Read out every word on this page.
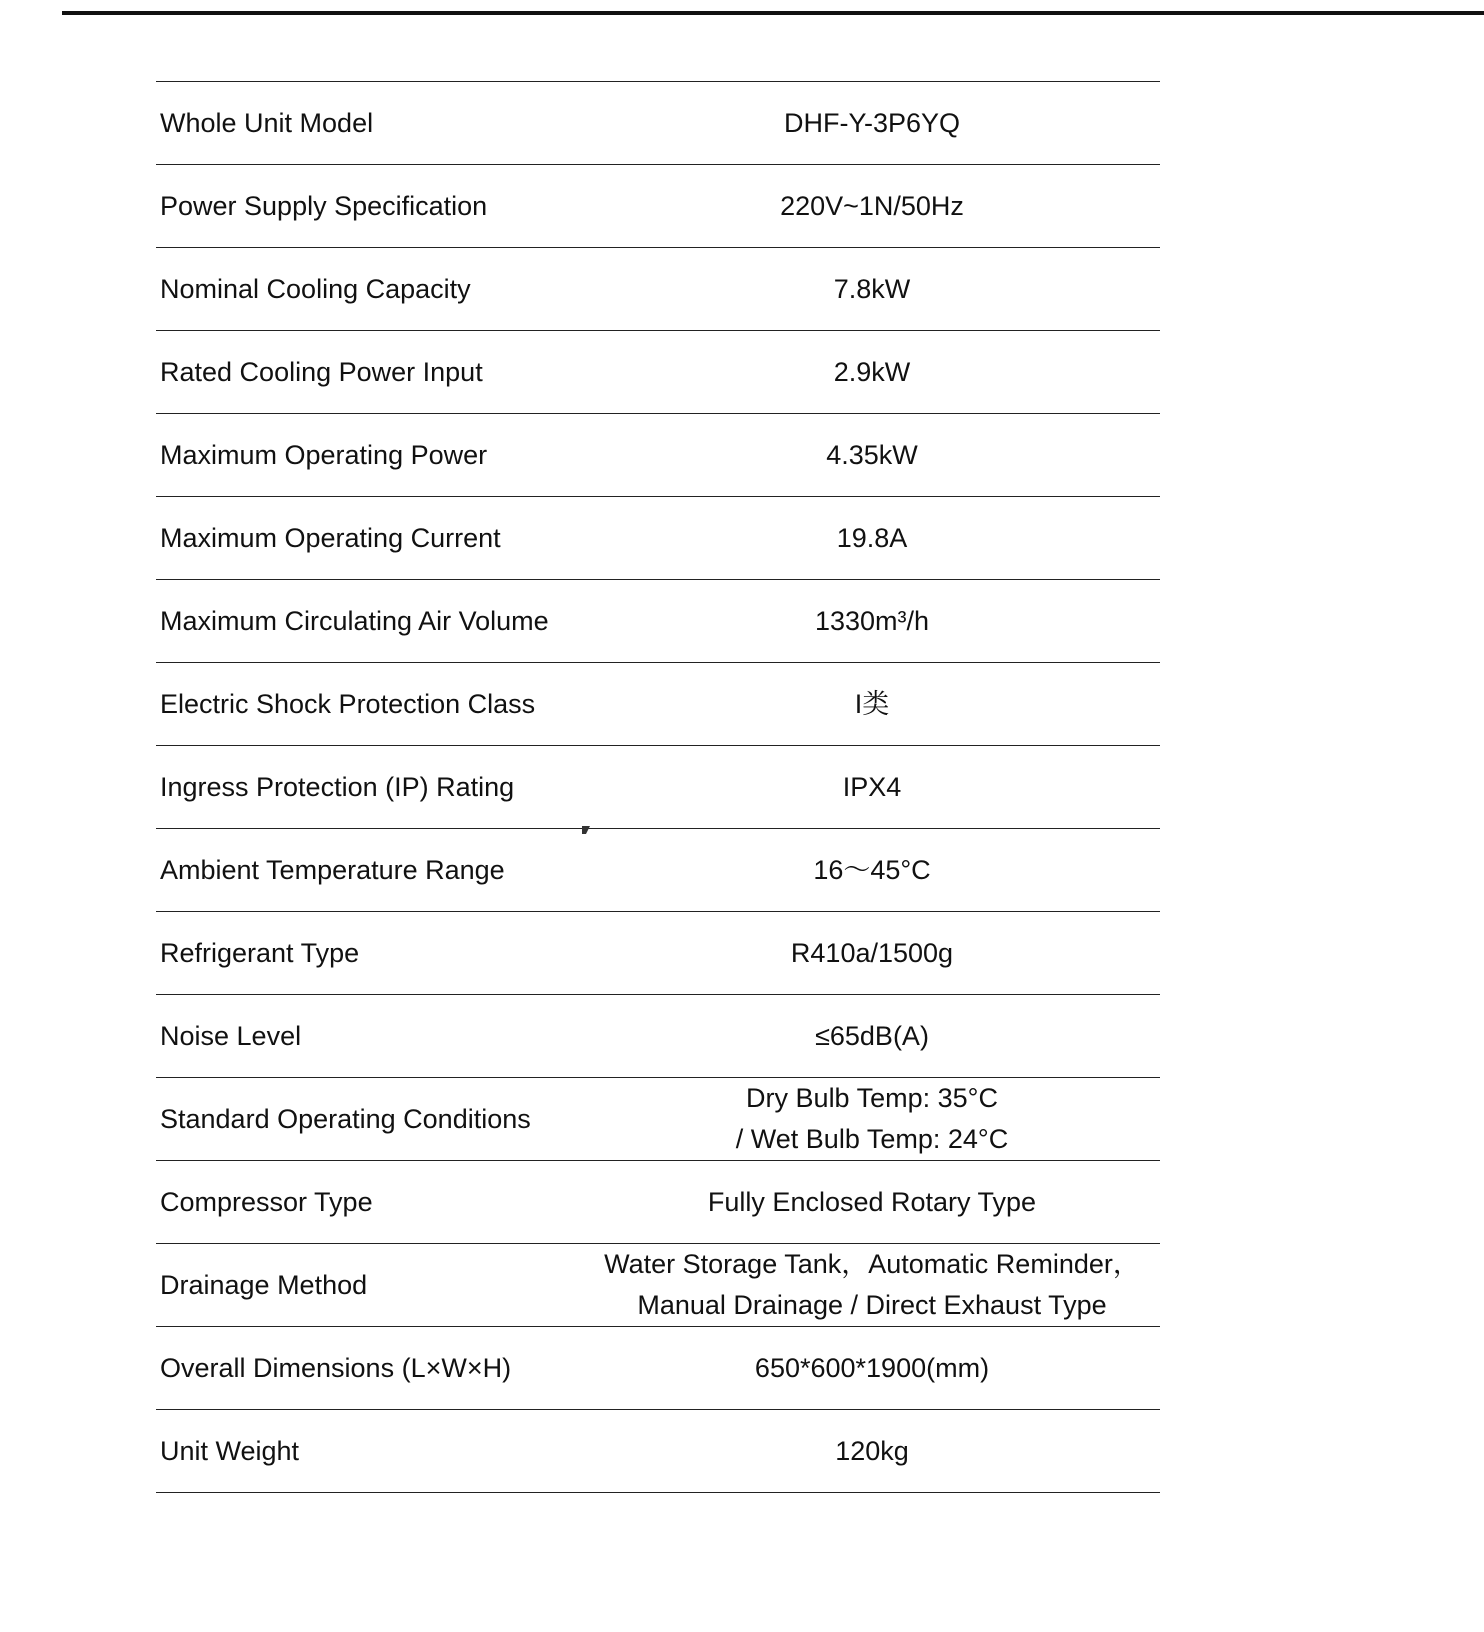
Whole Unit Model	DHF-Y-3P6YQ

Power Supply Specification	220V~1N/50Hz

Nominal Cooling Capacity	7.8kW

Rated Cooling Power Input	2.9kW

Maximum Operating Power	4.35kW

Maximum Operating Current	19.8A

Maximum Circulating Air Volume	1330m³/h

Electric Shock Protection Class	I类

Ingress Protection (IP) Rating	IPX4

Ambient Temperature Range	16～45°C

Refrigerant Type	R410a/1500g

Noise Level	≤65dB(A)

Standard Operating Conditions	Dry Bulb Temp: 35°C
/ Wet Bulb Temp: 24°C

Compressor Type	Fully Enclosed Rotary Type

Drainage Method	Water Storage Tank，Automatic Reminder，
Manual Drainage / Direct Exhaust Type

Overall Dimensions (L×W×H)	650*600*1900(mm)

Unit Weight	120kg
